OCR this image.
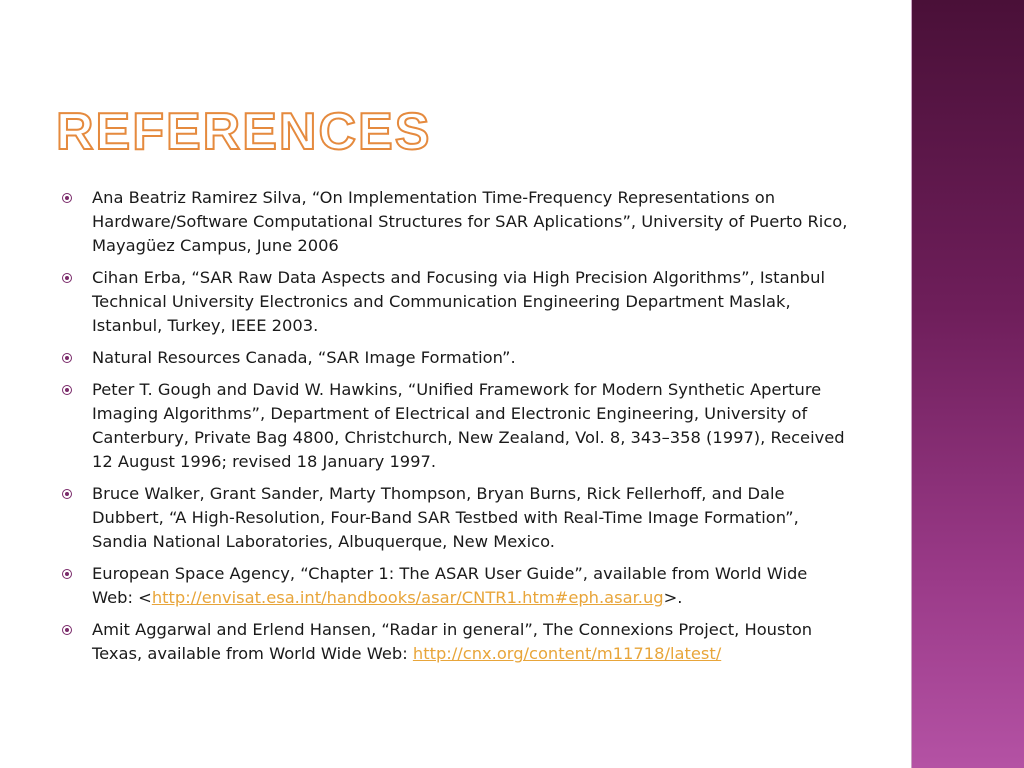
REFERENCES
Ana Beatriz Ramirez Silva, “On Implementation Time-Frequency Representations on Hardware/Software Computational Structures for SAR Aplications”, University of Puerto Rico, Mayagüez Campus, June 2006
Cihan Erba, “SAR Raw Data Aspects and Focusing via High Precision Algorithms”, Istanbul Technical University Electronics and Communication Engineering Department Maslak, Istanbul, Turkey, IEEE 2003.
Natural Resources Canada, “SAR Image Formation”.
Peter T. Gough and David W. Hawkins, “Unified Framework for Modern Synthetic Aperture Imaging Algorithms”, Department of Electrical and Electronic Engineering, University of Canterbury, Private Bag 4800, Christchurch, New Zealand, Vol. 8, 343–358 (1997), Received 12 August 1996; revised 18 January 1997.
Bruce Walker, Grant Sander, Marty Thompson, Bryan Burns, Rick Fellerhoff, and Dale Dubbert, “A High-Resolution, Four-Band SAR Testbed with Real-Time Image Formation”, Sandia National Laboratories, Albuquerque, New Mexico.
European Space Agency, “Chapter 1: The ASAR User Guide”, available from World Wide Web: <http://envisat.esa.int/handbooks/asar/CNTR1.htm#eph.asar.ug>.
Amit Aggarwal and Erlend Hansen, “Radar in general”, The Connexions Project, Houston Texas, available from World Wide Web: http://cnx.org/content/m11718/latest/
